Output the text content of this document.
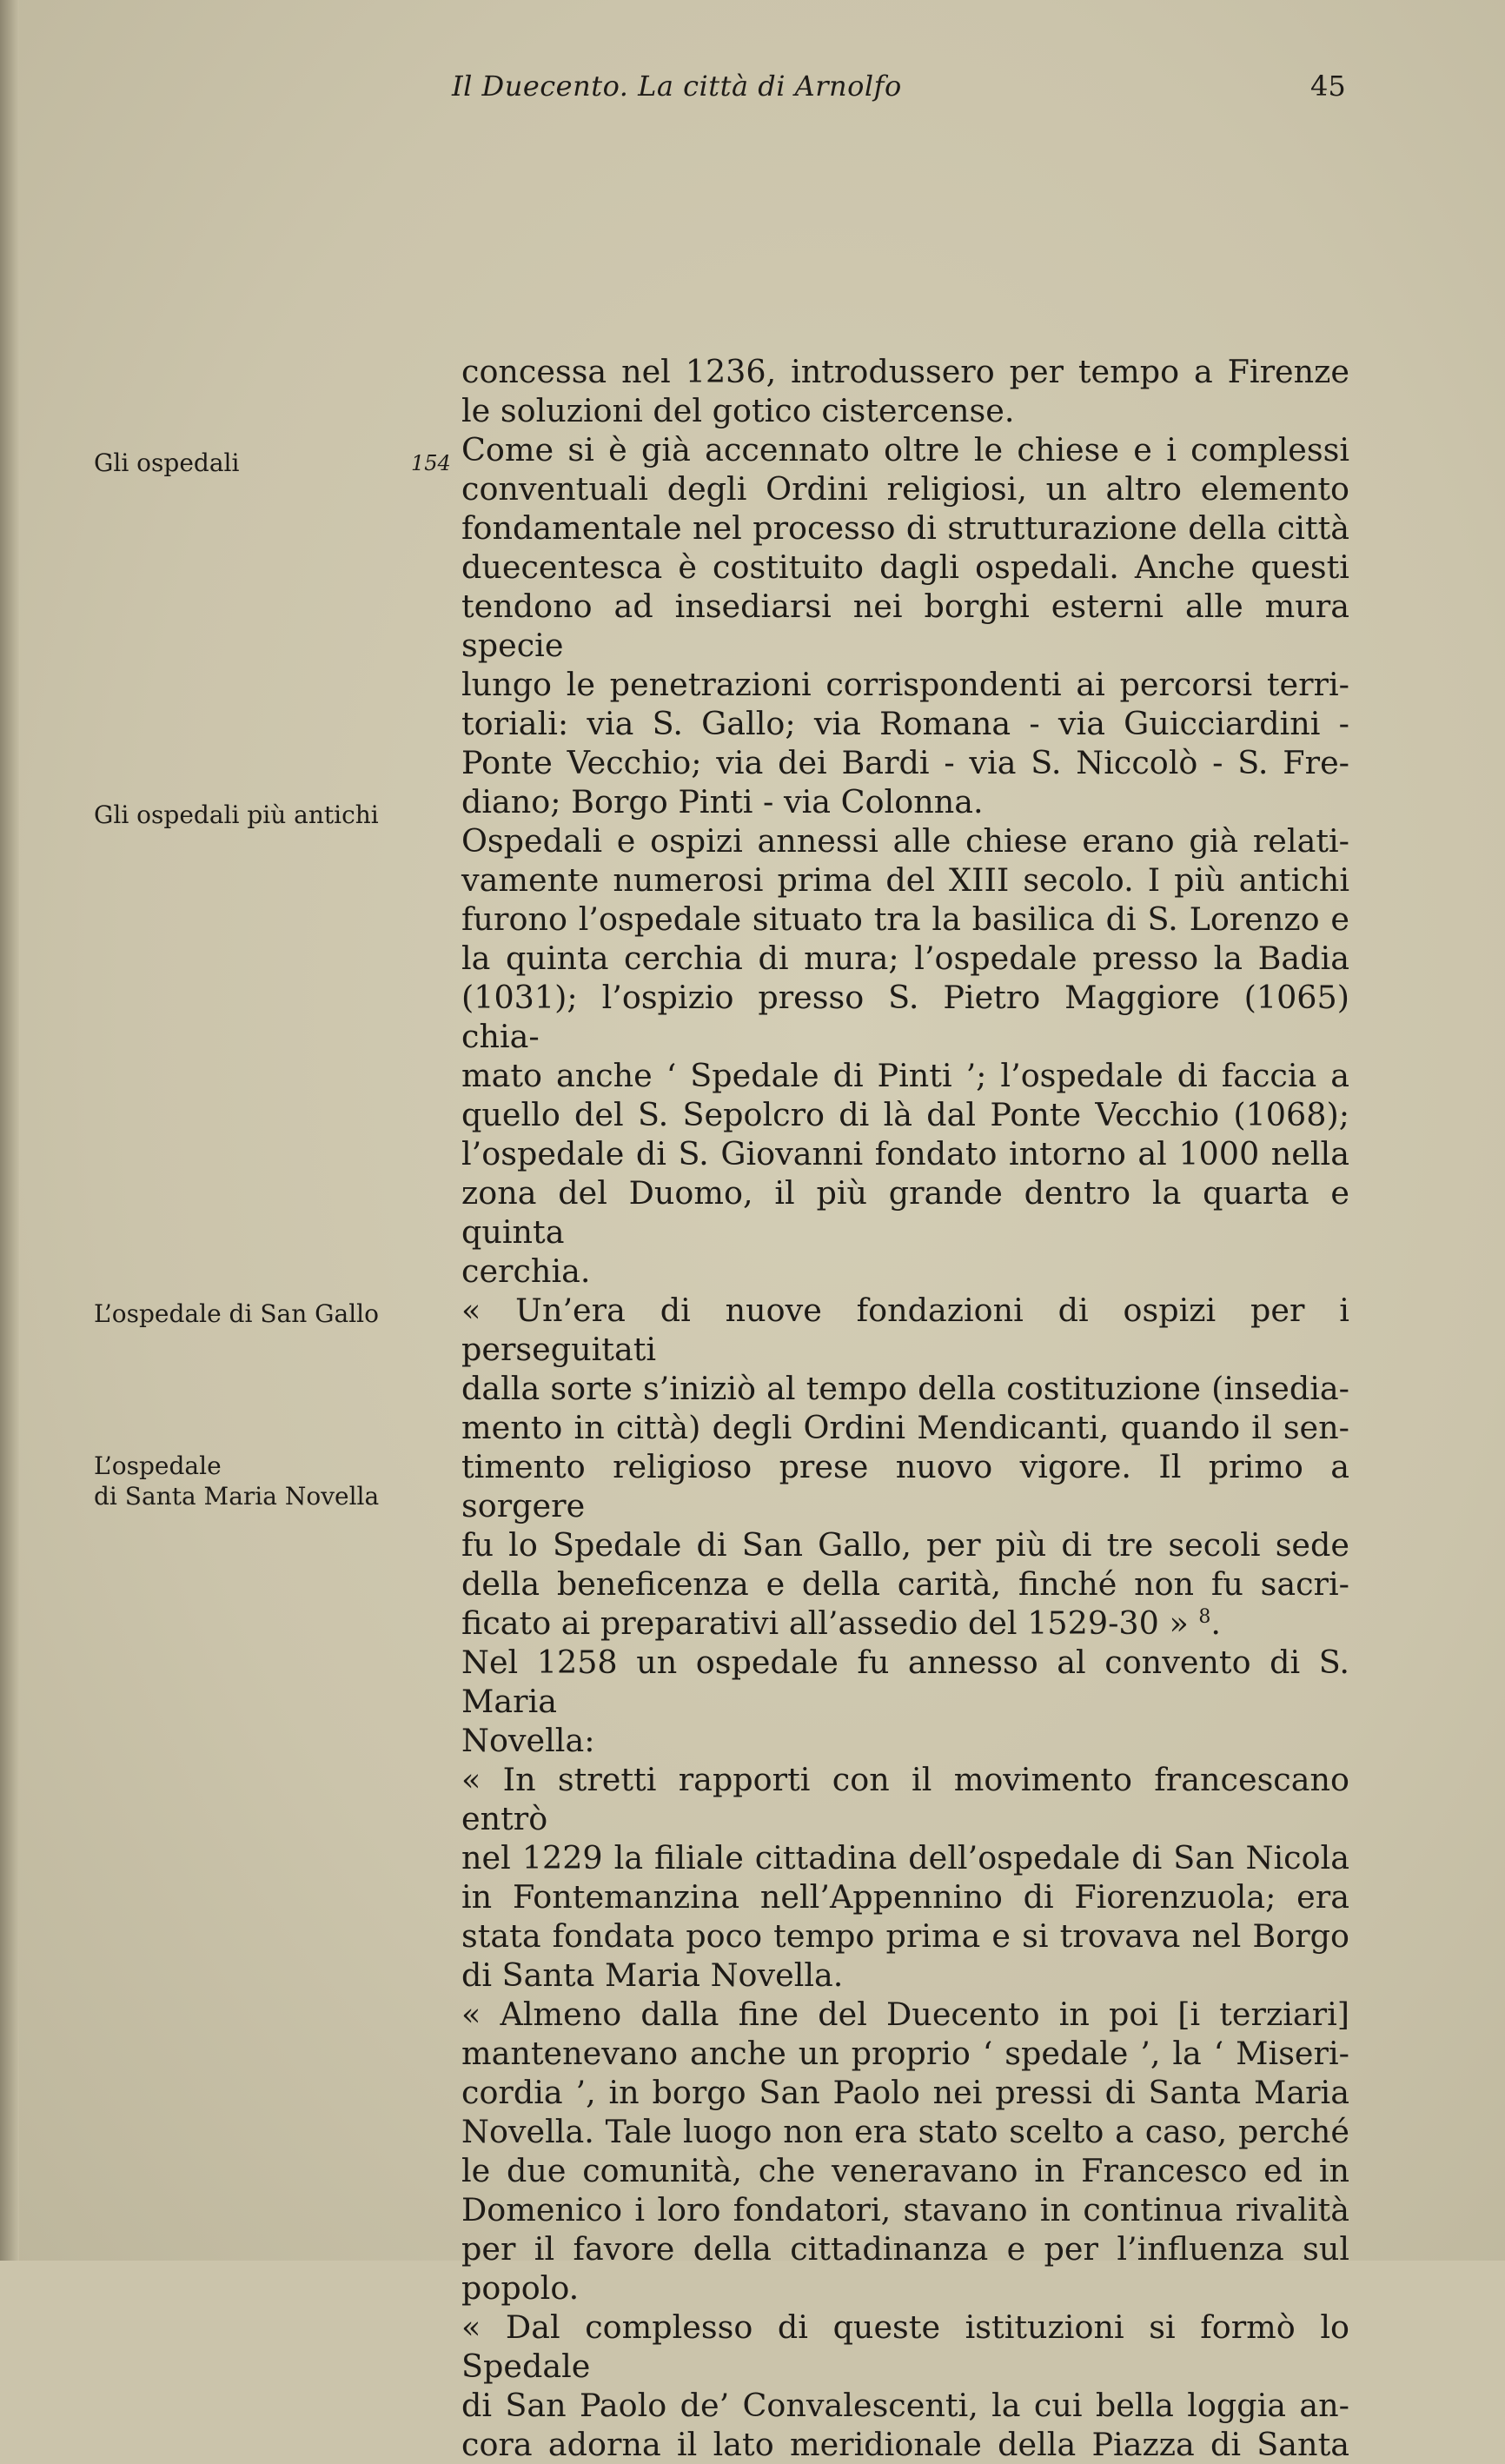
Il Duecento. La città di Arnolfo	45
Gli ospedali	154
Gli ospedali più antichi
L’ospedale di San Gallo
L’ospedale
di Santa Maria Novella

concessa nel 1236, introdussero per tempo a Firenze
le soluzioni del gotico cistercense.

Come si è già accennato oltre le chiese e i complessi
conventuali degli Ordini religiosi, un altro elemento
fondamentale nel processo di strutturazione della città
duecentesca è costituito dagli ospedali. Anche questi
tendono ad insediarsi nei borghi esterni alle mura specie
lungo le penetrazioni corrispondenti ai percorsi terri-
toriali: via S. Gallo; via Romana - via Guicciardini -
Ponte Vecchio; via dei Bardi - via S. Niccolò - S. Fre-
diano; Borgo Pinti - via Colonna.

Ospedali e ospizi annessi alle chiese erano già relati-
vamente numerosi prima del XIII secolo. I più antichi
furono l’ospedale situato tra la basilica di S. Lorenzo e
la quinta cerchia di mura; l’ospedale presso la Badia
(1031); l’ospizio presso S. Pietro Maggiore (1065) chia-
mato anche ‘ Spedale di Pinti ’; l’ospedale di faccia a
quello del S. Sepolcro di là dal Ponte Vecchio (1068);
l’ospedale di S. Giovanni fondato intorno al 1000 nella
zona del Duomo, il più grande dentro la quarta e quinta
cerchia.

« Un’era di nuove fondazioni di ospizi per i perseguitati
dalla sorte s’iniziò al tempo della costituzione (insedia-
mento in città) degli Ordini Mendicanti, quando il sen-
timento religioso prese nuovo vigore. Il primo a sorgere
fu lo Spedale di San Gallo, per più di tre secoli sede
della beneficenza e della carità, finché non fu sacri-
ficato ai preparativi all’assedio del 1529-30 » $^8$.

Nel 1258 un ospedale fu annesso al convento di S. Maria
Novella:

« In stretti rapporti con il movimento francescano entrò
nel 1229 la filiale cittadina dell’ospedale di San Nicola
in Fontemanzina nell’Appennino di Fiorenzuola; era
stata fondata poco tempo prima e si trovava nel Borgo
di Santa Maria Novella.

« Almeno dalla fine del Duecento in poi [i terziari]
mantenevano anche un proprio ‘ spedale ’, la ‘ Miseri-
cordia ’, in borgo San Paolo nei pressi di Santa Maria
Novella. Tale luogo non era stato scelto a caso, perché
le due comunità, che veneravano in Francesco ed in
Domenico i loro fondatori, stavano in continua rivalità
per il favore della cittadinanza e per l’influenza sul
popolo.

« Dal complesso di queste istituzioni si formò lo Spedale
di San Paolo de’ Convalescenti, la cui bella loggia an-
cora adorna il lato meridionale della Piazza di Santa
